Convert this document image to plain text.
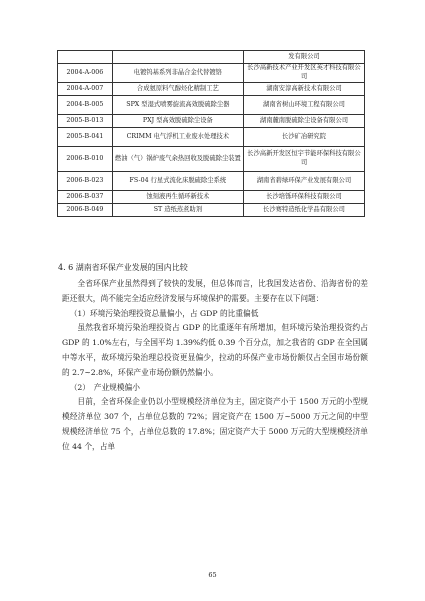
		发有限公司
2004-A-006	电镀钨基系列非晶合金代替镀铬	长沙高新技术产业开发区英才科技有限公司
2004-A-007	合成氨原料气醇烃化精制工艺	湖南安淳高新技术有限公司
2004-B-005	SPX 型湿式喷雾旋流高效脱硫除尘器	湖南省树山环境工程有限公司
2005-B-013	PXJ 型高效脱硫除尘设备	湖南麓南脱硫除尘设备有限公司
2005-B-041	CRIMM 电气浮机工业废水处理技术	长沙矿冶研究院
2006-B-010	燃油（气）锅炉废气余热回收及脱硫除尘装置	长沙高新开发区恒宇节能环保科技有限公司
2006-B-023	FS-04 行星式流化床脱硫除尘系统	湖南省碧绿环保产业发展有限公司
2006-B-037	蚀刻液再生循环新技术	长沙培铄环保科技有限公司
2006-B-049	ST 造纸蒸煮助剂	长沙赛特造纸化学品有限公司
4. 6 湖南省环保产业发展的国内比较

全省环保产业虽然得到了较快的发展，但总体而言，比我国发达省份、沿海省份的差距还很大，尚不能完全适应经济发展与环境保护的需要。主要存在以下问题：

（1）环境污染治理投资总量偏小，占 GDP 的比重偏低

虽然我省环境污染治理投资占 GDP 的比重逐年有所增加，但环境污染治理投资约占 GDP 的 1.0%左右，与全国平均 1.39%约低 0.39 个百分点，加之我省的 GDP 在全国属中等水平，故环境污染治理总投资更显偏少，拉动的环保产业市场份额仅占全国市场份额的 2.7~2.8%，环保产业市场份额仍然偏小。

（2）　产业规模偏小

目前，全省环保企业仍以小型规模经济单位为主，固定资产小于 1500 万元的小型规模经济单位 307 个，占单位总数的 72%；固定资产在 1500 万~5000 万元之间的中型规模经济单位 75 个，占单位总数的 17.8%；固定资产大于 5000 万元的大型规模经济单位 44 个，占单

65
